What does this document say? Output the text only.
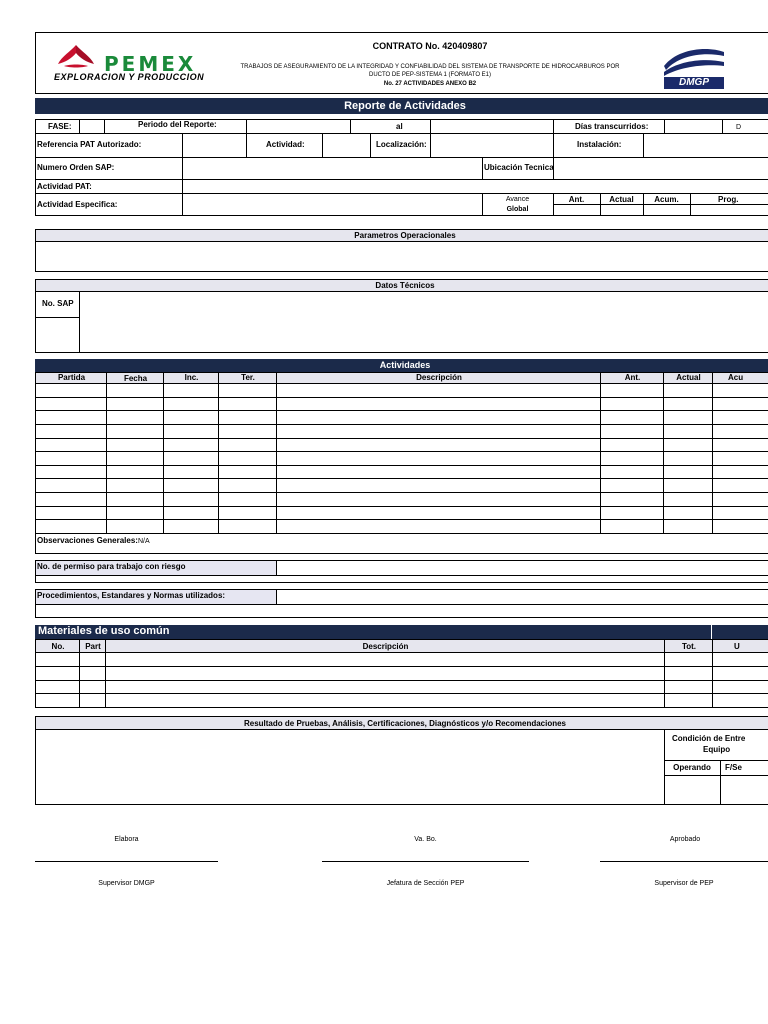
PEMEX
EXPLORACION Y PRODUCCION
CONTRATO No. 420409807
TRABAJOS DE ASEGURAMIENTO DE LA INTEGRIDAD Y CONFIABILIDAD DEL SISTEMA DE TRANSPORTE DE HIDROCARBUROS POR
DUCTO DE PEP-SISTEMA 1 (FORMATO E1)
No. 27 ACTIVIDADES ANEXO B2	DMGP
Reporte de Actividades
FASE:	Periodo del Reporte:	al	Días transcurridos:	D
Referencia PAT Autorizado:	Actividad:	Localización:	Instalación:
Numero Orden SAP:	Ubicación Tecnica
Actividad PAT:
Actividad Especifica:
Avance
Global
Ant.	Actual	Acum.	Prog.
Parametros Operacionales
Datos Técnicos
No. SAP
Actividades
Partida	Fecha	Inc.	Ter.	Descripción	Ant.	Actual	Acu
Observaciones Generales: N/A
No. de permiso para trabajo con riesgo
Procedimientos, Estandares y Normas utilizados:
Materiales de uso común
No.	Part	Descripción	Tot.	U
Resultado de Pruebas, Análisis, Certificaciones, Diagnósticos y/o Recomendaciones
Condición de Entre
Equipo
Operando	F/Se
Elabora	Va. Bo.	Aprobado
Supervisor DMGP	Jefatura de Sección PEP	Supervisor de PEP
